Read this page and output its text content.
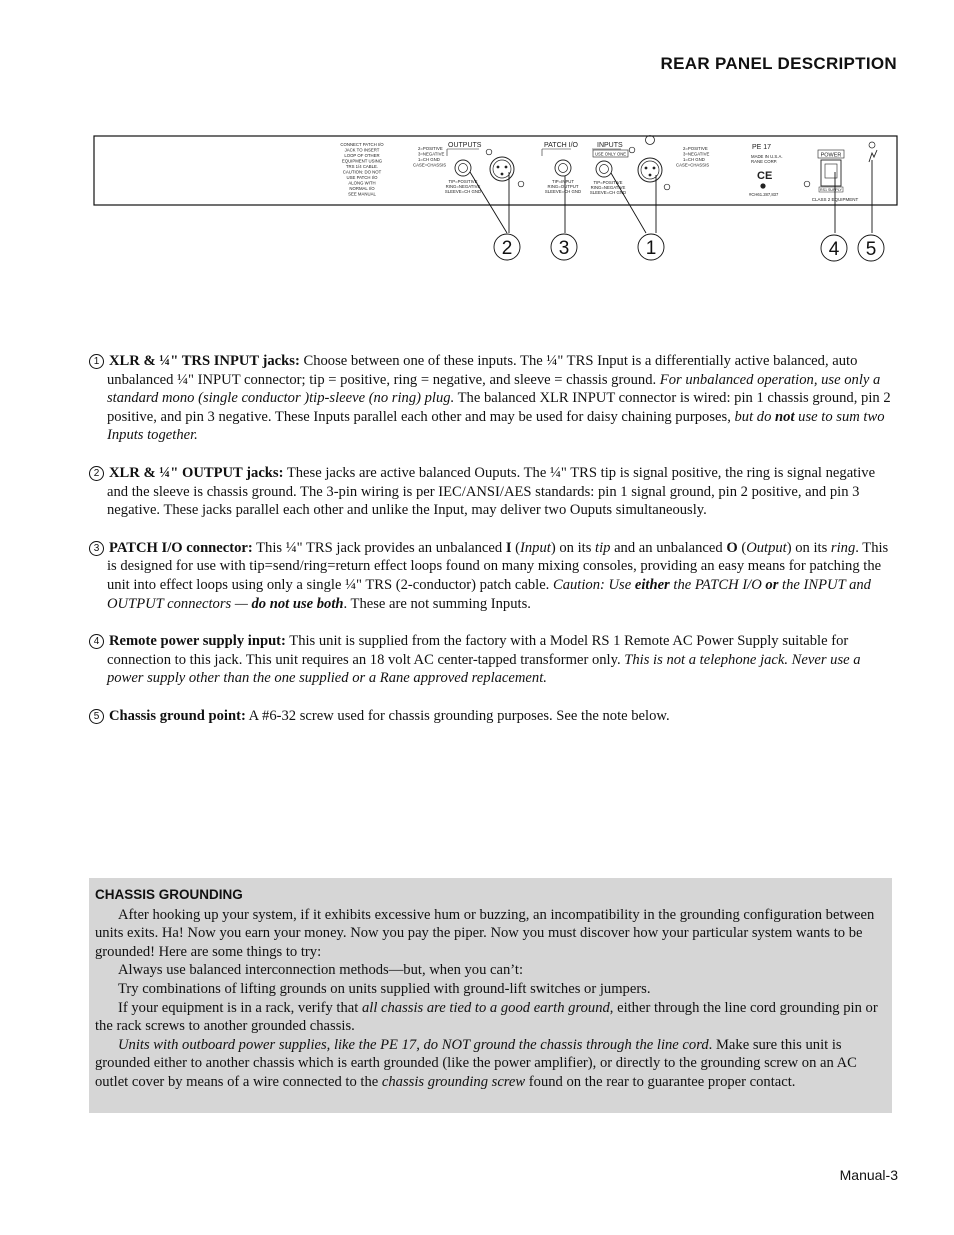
REAR PANEL DESCRIPTION
CONNECT PATCH I/O
JACK TO INSERT
LOOP OF OTHER
EQUIPMENT USING
TRS 1/4 CABLE.
CAUTION: DO NOT
USE PATCH I/O
ALONG WITH
NORMAL I/O
SEE MANUAL
2=POSITIVE
3=NEGATIVE
1=CH GND
CASE=CHASSIS
OUTPUTS
TIP=POSITIVE
RING=NEGATIVE
SLEEVE=CH GND
PATCH I/O
TIP=INPUT
RING=OUTPUT
SLEEVE=CH GND
INPUTS
USE ONLY ONE
TIP=POSITIVE
RING=NEGATIVE
SLEEVE=CH GND
2=POSITIVE
3=NEGATIVE
1=CH GND
CASE=CHASSIS
PE 17
MADE IN U.S.A.
RANE CORP.
CE
#CH61.287,837
POWER
RS1 SUPPLY
CLASS 2 EQUIPMENT
2 3	1	4 5

1 XLR & ¼" TRS INPUT jacks: Choose between one of these inputs. The ¼" TRS Input is a differentially active balanced, auto unbalanced ¼" INPUT connector; tip = positive, ring = negative, and sleeve = chassis ground. For unbalanced operation, use only a standard mono (single conductor )tip-sleeve (no ring) plug. The balanced XLR INPUT connector is wired: pin 1 chassis ground, pin 2 positive, and pin 3 negative. These Inputs parallel each other and may be used for daisy chaining purposes, but do not use to sum two Inputs together.

2 XLR & ¼" OUTPUT jacks: These jacks are active balanced Ouputs. The ¼" TRS tip is signal positive, the ring is signal negative and the sleeve is chassis ground. The 3-pin wiring is per IEC/ANSI/AES standards: pin 1 signal ground, pin 2 positive, and pin 3 negative. These jacks parallel each other and unlike the Input, may deliver two Ouputs simultaneously.

3 PATCH I/O connector: This ¼" TRS jack provides an unbalanced I (Input) on its tip and an unbalanced O (Output) on its ring. This is designed for use with tip=send/ring=return effect loops found on many mixing consoles, providing an easy means for patching the unit into effect loops using only a single ¼" TRS (2-conductor) patch cable. Caution: Use either the PATCH I/O or the INPUT and OUTPUT connectors — do not use both. These are not summing Inputs.

4 Remote power supply input: This unit is supplied from the factory with a Model RS 1 Remote AC Power Supply suitable for connection to this jack. This unit requires an 18 volt AC center-tapped transformer only. This is not a telephone jack. Never use a power supply other than the one supplied or a Rane approved replacement.

5 Chassis ground point: A #6-32 screw used for chassis grounding purposes. See the note below.

CHASSIS GROUNDING

After hooking up your system, if it exhibits excessive hum or buzzing, an incompatibility in the grounding configuration between units exits. Ha! Now you earn your money. Now you pay the piper. Now you must discover how your particular system wants to be grounded! Here are some things to try:

Always use balanced interconnection methods—but, when you can’t:

Try combinations of lifting grounds on units supplied with ground-lift switches or jumpers.

If your equipment is in a rack, verify that all chassis are tied to a good earth ground, either through the line cord grounding pin or the rack screws to another grounded chassis.

Units with outboard power supplies, like the PE 17, do NOT ground the chassis through the line cord. Make sure this unit is grounded either to another chassis which is earth grounded (like the power amplifier), or directly to the grounding screw on an AC outlet cover by means of a wire connected to the chassis grounding screw found on the rear to guarantee proper contact.

Manual-3
